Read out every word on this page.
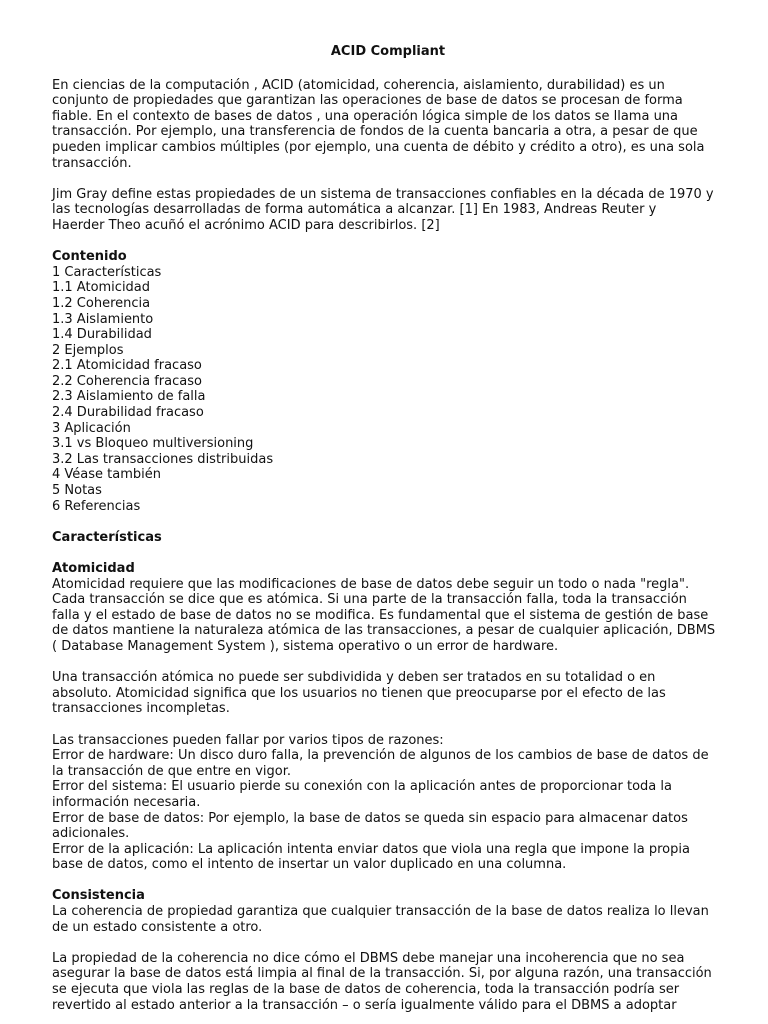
ACID Compliant

En ciencias de la computación , ACID (atomicidad, coherencia, aislamiento, durabilidad) es un
conjunto de propiedades que garantizan las operaciones de base de datos se procesan de forma
fiable. En el contexto de bases de datos , una operación lógica simple de los datos se llama una
transacción. Por ejemplo, una transferencia de fondos de la cuenta bancaria a otra, a pesar de que
pueden implicar cambios múltiples (por ejemplo, una cuenta de débito y crédito a otro), es una sola
transacción.

Jim Gray define estas propiedades de un sistema de transacciones confiables en la década de 1970 y
las tecnologías desarrolladas de forma automática a alcanzar. [1] En 1983, Andreas Reuter y
Haerder Theo acuñó el acrónimo ACID para describirlos. [2]

Contenido
1 Características
1.1 Atomicidad
1.2 Coherencia
1.3 Aislamiento
1.4 Durabilidad
2 Ejemplos
2.1 Atomicidad fracaso
2.2 Coherencia fracaso
2.3 Aislamiento de falla
2.4 Durabilidad fracaso
3 Aplicación
3.1 vs Bloqueo multiversioning
3.2 Las transacciones distribuidas
4 Véase también
5 Notas
6 Referencias
Características
Atomicidad

Atomicidad requiere que las modificaciones de base de datos debe seguir un todo o nada "regla".
Cada transacción se dice que es atómica. Si una parte de la transacción falla, toda la transacción
falla y el estado de base de datos no se modifica. Es fundamental que el sistema de gestión de base
de datos mantiene la naturaleza atómica de las transacciones, a pesar de cualquier aplicación, DBMS
( Database Management System ), sistema operativo o un error de hardware.

Una transacción atómica no puede ser subdividida y deben ser tratados en su totalidad o en
absoluto. Atomicidad significa que los usuarios no tienen que preocuparse por el efecto de las
transacciones incompletas.

Las transacciones pueden fallar por varios tipos de razones:
Error de hardware: Un disco duro falla, la prevención de algunos de los cambios de base de datos de
la transacción de que entre en vigor.
Error del sistema: El usuario pierde su conexión con la aplicación antes de proporcionar toda la
información necesaria.
Error de base de datos: Por ejemplo, la base de datos se queda sin espacio para almacenar datos
adicionales.
Error de la aplicación: La aplicación intenta enviar datos que viola una regla que impone la propia
base de datos, como el intento de insertar un valor duplicado en una columna.

Consistencia

La coherencia de propiedad garantiza que cualquier transacción de la base de datos realiza lo llevan
de un estado consistente a otro.

La propiedad de la coherencia no dice cómo el DBMS debe manejar una incoherencia que no sea
asegurar la base de datos está limpia al final de la transacción. Si, por alguna razón, una transacción
se ejecuta que viola las reglas de la base de datos de coherencia, toda la transacción podría ser
revertido al estado anterior a la transacción – o sería igualmente válido para el DBMS a adoptar
